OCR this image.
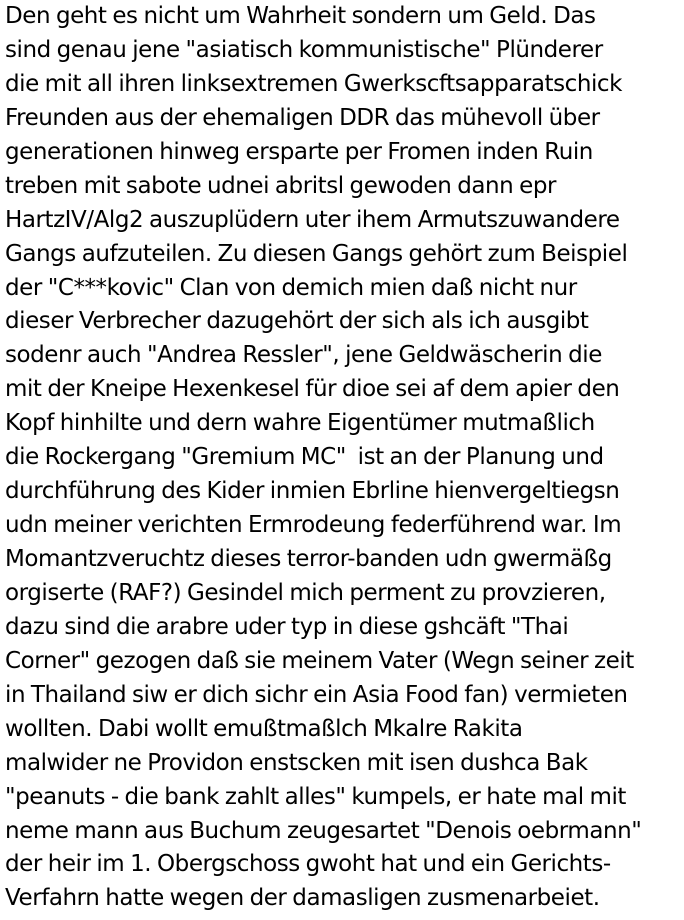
Den geht es nicht um Wahrheit sondern um Geld. Das
sind genau jene "asiatisch kommunistische" Plünderer
die mit all ihren linksextremen Gwerkscftsapparatschick
Freunden aus der ehemaligen DDR das mühevoll über
generationen hinweg ersparte per Fromen inden Ruin
treben mit sabote udnei abritsl gewoden dann epr
HartzIV/Alg2 auszuplüdern uter ihem Armutszuwandere
Gangs aufzuteilen. Zu diesen Gangs gehört zum Beispiel
der "C***kovic" Clan von demich mien daß nicht nur
dieser Verbrecher dazugehört der sich als ich ausgibt
sodenr auch "Andrea Ressler", jene Geldwäscherin die
mit der Kneipe Hexenkesel für dioe sei af dem apier den
Kopf hinhilte und dern wahre Eigentümer mutmaßlich
die Rockergang "Gremium MC"  ist an der Planung und
durchführung des Kider inmien Ebrline hienvergeltiegsn
udn meiner verichten Ermrodeung federführend war. Im
Momantzveruchtz dieses terror-banden udn gwermäßg
orgiserte (RAF?) Gesindel mich perment zu provzieren,
dazu sind die arabre uder typ in diese gshcäft "Thai
Corner" gezogen daß sie meinem Vater (Wegn seiner zeit
in Thailand siw er dich sichr ein Asia Food fan) vermieten
wollten. Dabi wollt emußtmaßlch Mkalre Rakita
malwider ne Providon enstscken mit isen dushca Bak
"peanuts - die bank zahlt alles" kumpels, er hate mal mit
neme mann aus Buchum zeugesartet "Denois oebrmann"
der heir im 1. Obergschoss gwoht hat und ein Gerichts-
Verfahrn hatte wegen der damasligen zusmenarbeiet.
